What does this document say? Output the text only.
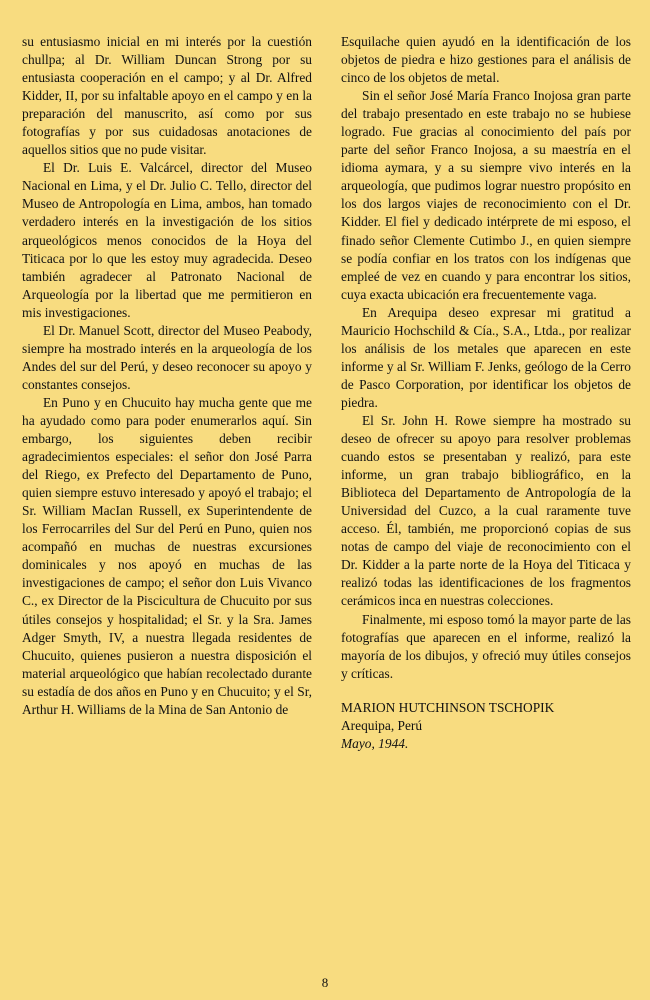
su entusiasmo inicial en mi interés por la cuestión chullpa; al Dr. William Duncan Strong por su entusiasta cooperación en el campo; y al Dr. Alfred Kidder, II, por su infaltable apoyo en el campo y en la preparación del manuscrito, así como por sus fotografías y por sus cuidadosas anotaciones de aquellos sitios que no pude visitar.

El Dr. Luis E. Valcárcel, director del Museo Nacional en Lima, y el Dr. Julio C. Tello, director del Museo de Antropología en Lima, ambos, han tomado verdadero interés en la investigación de los sitios arqueológicos menos conocidos de la Hoya del Titicaca por lo que les estoy muy agradecida. Deseo también agradecer al Patronato Nacional de Arqueología por la libertad que me permitieron en mis investigaciones.

El Dr. Manuel Scott, director del Museo Peabody, siempre ha mostrado interés en la arqueología de los Andes del sur del Perú, y deseo reconocer su apoyo y constantes consejos.

En Puno y en Chucuito hay mucha gente que me ha ayudado como para poder enumerarlos aquí. Sin embargo, los siguientes deben recibir agradecimientos especiales: el señor don José Parra del Riego, ex Prefecto del Departamento de Puno, quien siempre estuvo interesado y apoyó el trabajo; el Sr. William MacIan Russell, ex Superintendente de los Ferrocarriles del Sur del Perú en Puno, quien nos acompañó en muchas de nuestras excursiones dominicales y nos apoyó en muchas de las investigaciones de campo; el señor don Luis Vivanco C., ex Director de la Piscicultura de Chucuito por sus útiles consejos y hospitalidad; el Sr. y la Sra. James Adger Smyth, IV, a nuestra llegada residentes de Chucuito, quienes pusieron a nuestra disposición el material arqueológico que habían recolectado durante su estadía de dos años en Puno y en Chucuito; y el Sr, Arthur H. Williams de la Mina de San Antonio de

Esquilache quien ayudó en la identificación de los objetos de piedra e hizo gestiones para el análisis de cinco de los objetos de metal.

Sin el señor José María Franco Inojosa gran parte del trabajo presentado en este trabajo no se hubiese logrado. Fue gracias al conocimiento del país por parte del señor Franco Inojosa, a su maestría en el idioma aymara, y a su siempre vivo interés en la arqueología, que pudimos lograr nuestro propósito en los dos largos viajes de reconocimiento con el Dr. Kidder. El fiel y dedicado intérprete de mi esposo, el finado señor Clemente Cutimbo J., en quien siempre se podía confiar en los tratos con los indígenas que empleé de vez en cuando y para encontrar los sitios, cuya exacta ubicación era frecuentemente vaga.

En Arequipa deseo expresar mi gratitud a Mauricio Hochschild & Cía., S.A., Ltda., por realizar los análisis de los metales que aparecen en este informe y al Sr. William F. Jenks, geólogo de la Cerro de Pasco Corporation, por identificar los objetos de piedra.

El Sr. John H. Rowe siempre ha mostrado su deseo de ofrecer su apoyo para resolver problemas cuando estos se presentaban y realizó, para este informe, un gran trabajo bibliográfico, en la Biblioteca del Departamento de Antropología de la Universidad del Cuzco, a la cual raramente tuve acceso. Él, también, me proporcionó copias de sus notas de campo del viaje de reconocimiento con el Dr. Kidder a la parte norte de la Hoya del Titicaca y realizó todas las identificaciones de los fragmentos cerámicos inca en nuestras colecciones.

Finalmente, mi esposo tomó la mayor parte de las fotografías que aparecen en el informe, realizó la mayoría de los dibujos, y ofreció muy útiles consejos y críticas.

MARION HUTCHINSON TSCHOPIK
Arequipa, Perú
Mayo, 1944.
8
